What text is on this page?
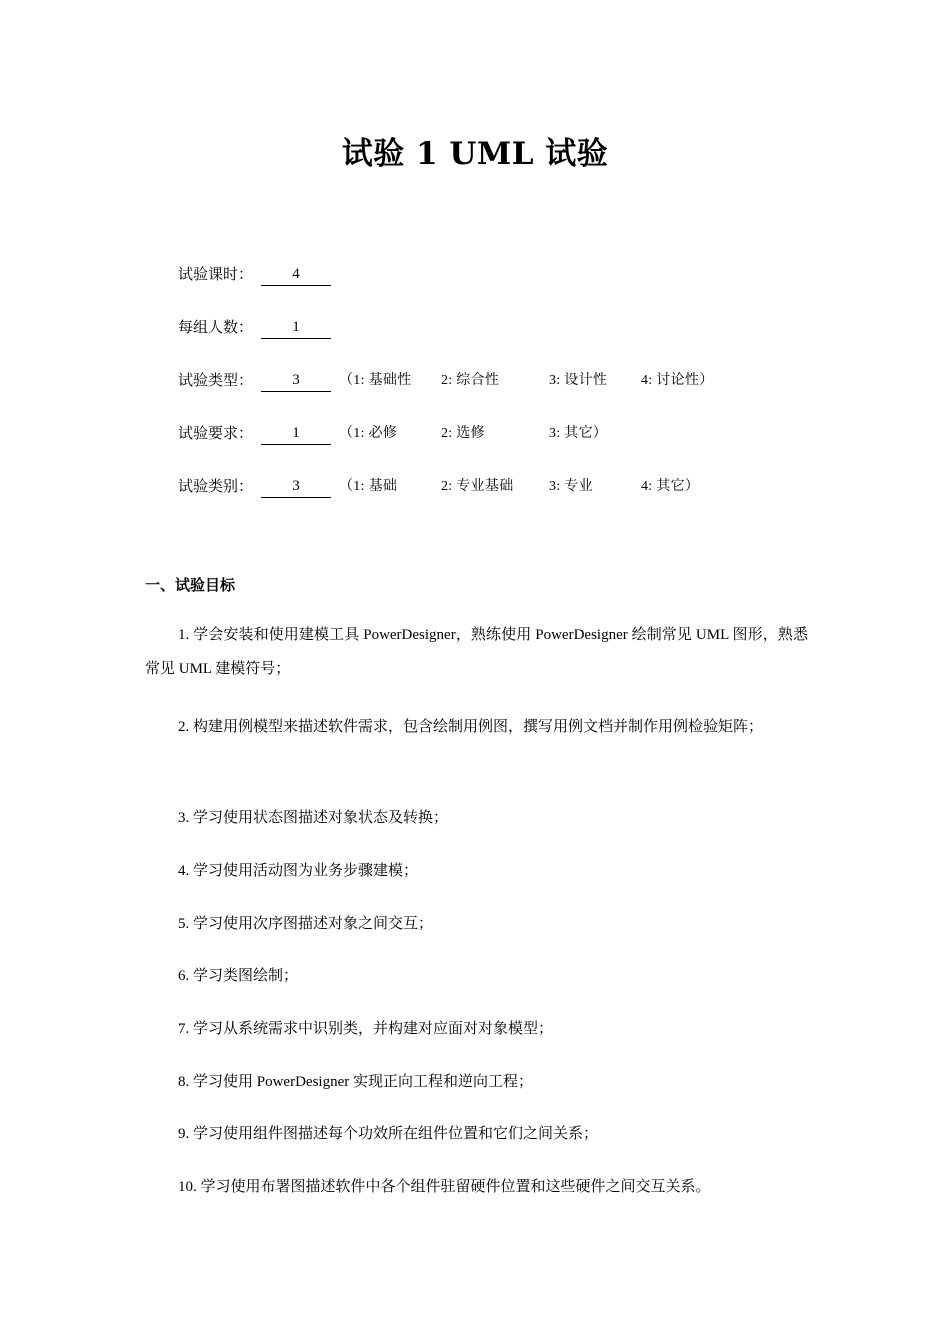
试验 1 UML 试验
试验课时：	4
每组人数：	1
试验类型：	3	（1: 基础性 2: 综合性	3: 设计性 4: 讨论性）
试验要求：	1	（1: 必修	2: 选修	3: 其它）
试验类别：	3	（1: 基础	2: 专业基础	3: 专业	4: 其它）
一、试验目标
1. 学会安装和使用建模工具 PowerDesigner，熟练使用 PowerDesigner 绘制常见 UML 图形，熟悉常见 UML 建模符号；
2. 构建用例模型来描述软件需求，包含绘制用例图，撰写用例文档并制作用例检验矩阵；
3. 学习使用状态图描述对象状态及转换；
4. 学习使用活动图为业务步骤建模；
5. 学习使用次序图描述对象之间交互；
6. 学习类图绘制；
7. 学习从系统需求中识别类，并构建对应面对对象模型；
8. 学习使用 PowerDesigner 实现正向工程和逆向工程；
9. 学习使用组件图描述每个功效所在组件位置和它们之间关系；
10. 学习使用布署图描述软件中各个组件驻留硬件位置和这些硬件之间交互关系。
